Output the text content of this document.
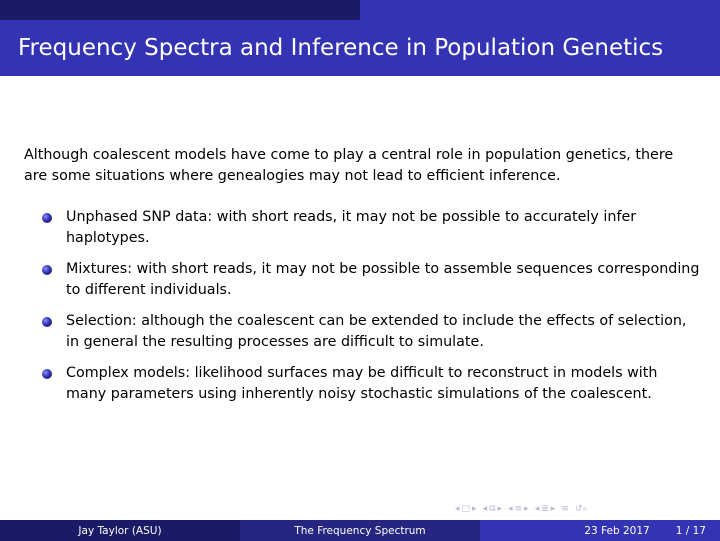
Frequency Spectra and Inference in Population Genetics

Although coalescent models have come to play a central role in population genetics, there are some situations where genealogies may not lead to efficient inference.

Unphased SNP data: with short reads, it may not be possible to accurately infer haplotypes.
Mixtures: with short reads, it may not be possible to assemble sequences corresponding to different individuals.
Selection: although the coalescent can be extended to include the effects of selection, in general the resulting processes are difficult to simulate.
Complex models: likelihood surfaces may be difficult to reconstruct in models with many parameters using inherently noisy stochastic simulations of the coalescent.
◂ □ ▸ ◂ ⧉ ▸ ◂ ≡ ▸ ◂ ≣ ▸ ≡ ↺⌕
Jay Taylor (ASU)	The Frequency Spectrum	23 Feb 2017 1 / 17
